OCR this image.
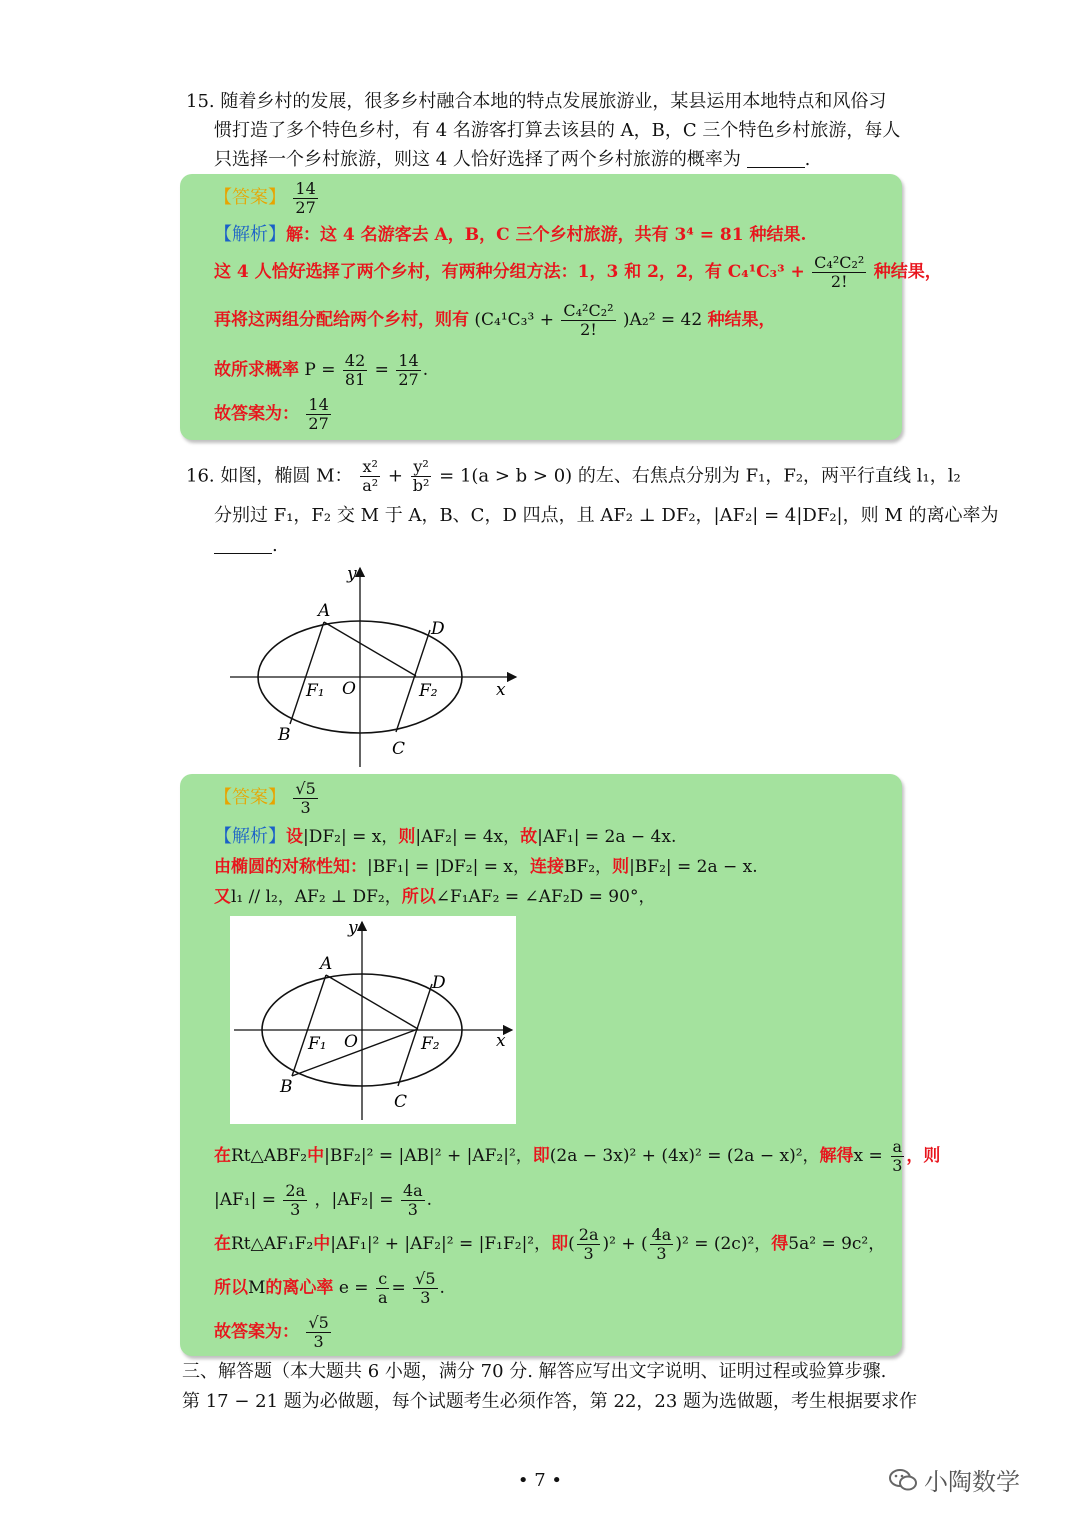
15. 随着乡村的发展，很多乡村融合本地的特点发展旅游业，某县运用本地特点和风俗习
惯打造了多个特色乡村，有 4 名游客打算去该县的 A，B，C 三个特色乡村旅游，每人
只选择一个乡村旅游，则这 4 人恰好选择了两个乡村旅游的概率为	.
【答案】 $\frac{14}{27}$
【解析】解：这 4 名游客去 A，B，C 三个乡村旅游，共有 3⁴ = 81 种结果.
这 4 人恰好选择了两个乡村，有两种分组方法：1，3 和 2，2，有 $C_4^1C_3^3 + \frac{\text{C₄²C₂²}}{2!}$ 种结果，
再将这两组分配给两个乡村，则有 $(C_4^1C_3^3 + \frac{\text{C₄²C₂²}}{2!} )A_2^2 = 42$ 种结果，
故所求概率 $P = \frac{42}{81} = \frac{14}{27}$ .
故答案为： $\frac{14}{27}$
16. 如图，椭圆 M： $\frac{\text{x²}}{\text{a²}} + \frac{\text{y²}}{\text{b²}} = 1(a > b > 0)$ 的左、右焦点分别为 F₁，F₂，两平行直线 l₁，l₂
分别过 F₁，F₂ 交 M 于 A，B、C，D 四点，且 AF₂ ⊥ DF₂，|AF₂| = 4|DF₂|，则 M 的离心率为
.
y
x
A
D
B
C
F₁ O	F₂
【答案】 $\frac{√5}{3}$
【解析】设|DF₂| = x，则|AF₂| = 4x，故|AF₁| = 2a − 4x.
由椭圆的对称性知：|BF₁| = |DF₂| = x，连接BF₂，则|BF₂| = 2a − x.
又l₁ // l₂，AF₂ ⊥ DF₂，所以∠F₁AF₂ = ∠AF₂D = 90°，
y
x
A
D
B
C
F₁ O	F₂
在Rt△ABF₂中|BF₂|² = |AB|² + |AF₂|²，即(2a − 3x)² + (4x)² = (2a − x)²，解得$x = \frac{a}{3}$ ，则
$|AF_1| = \frac{2a}{3}$ ，$|AF_2| = \frac{4a}{3}$ .
在Rt△AF₁F₂中|AF₁|² + |AF₂|² = |F₁F₂|²，即( $\frac{2a}{3} )^2$ + ( $\frac{4a}{3} )^2 = (2c)^2$，得5a² = 9c²，
所以M的离心率 $e = \frac{c}{a} = \frac{√5}{3}$ .
故答案为： $\frac{√5}{3}$
三、解答题（本大题共 6 小题，满分 70 分. 解答应写出文字说明、证明过程或验算步骤.
第 17 − 21 题为必做题，每个试题考生必须作答，第 22，23 题为选做题，考生根据要求作
• 7 •	小陶数学
